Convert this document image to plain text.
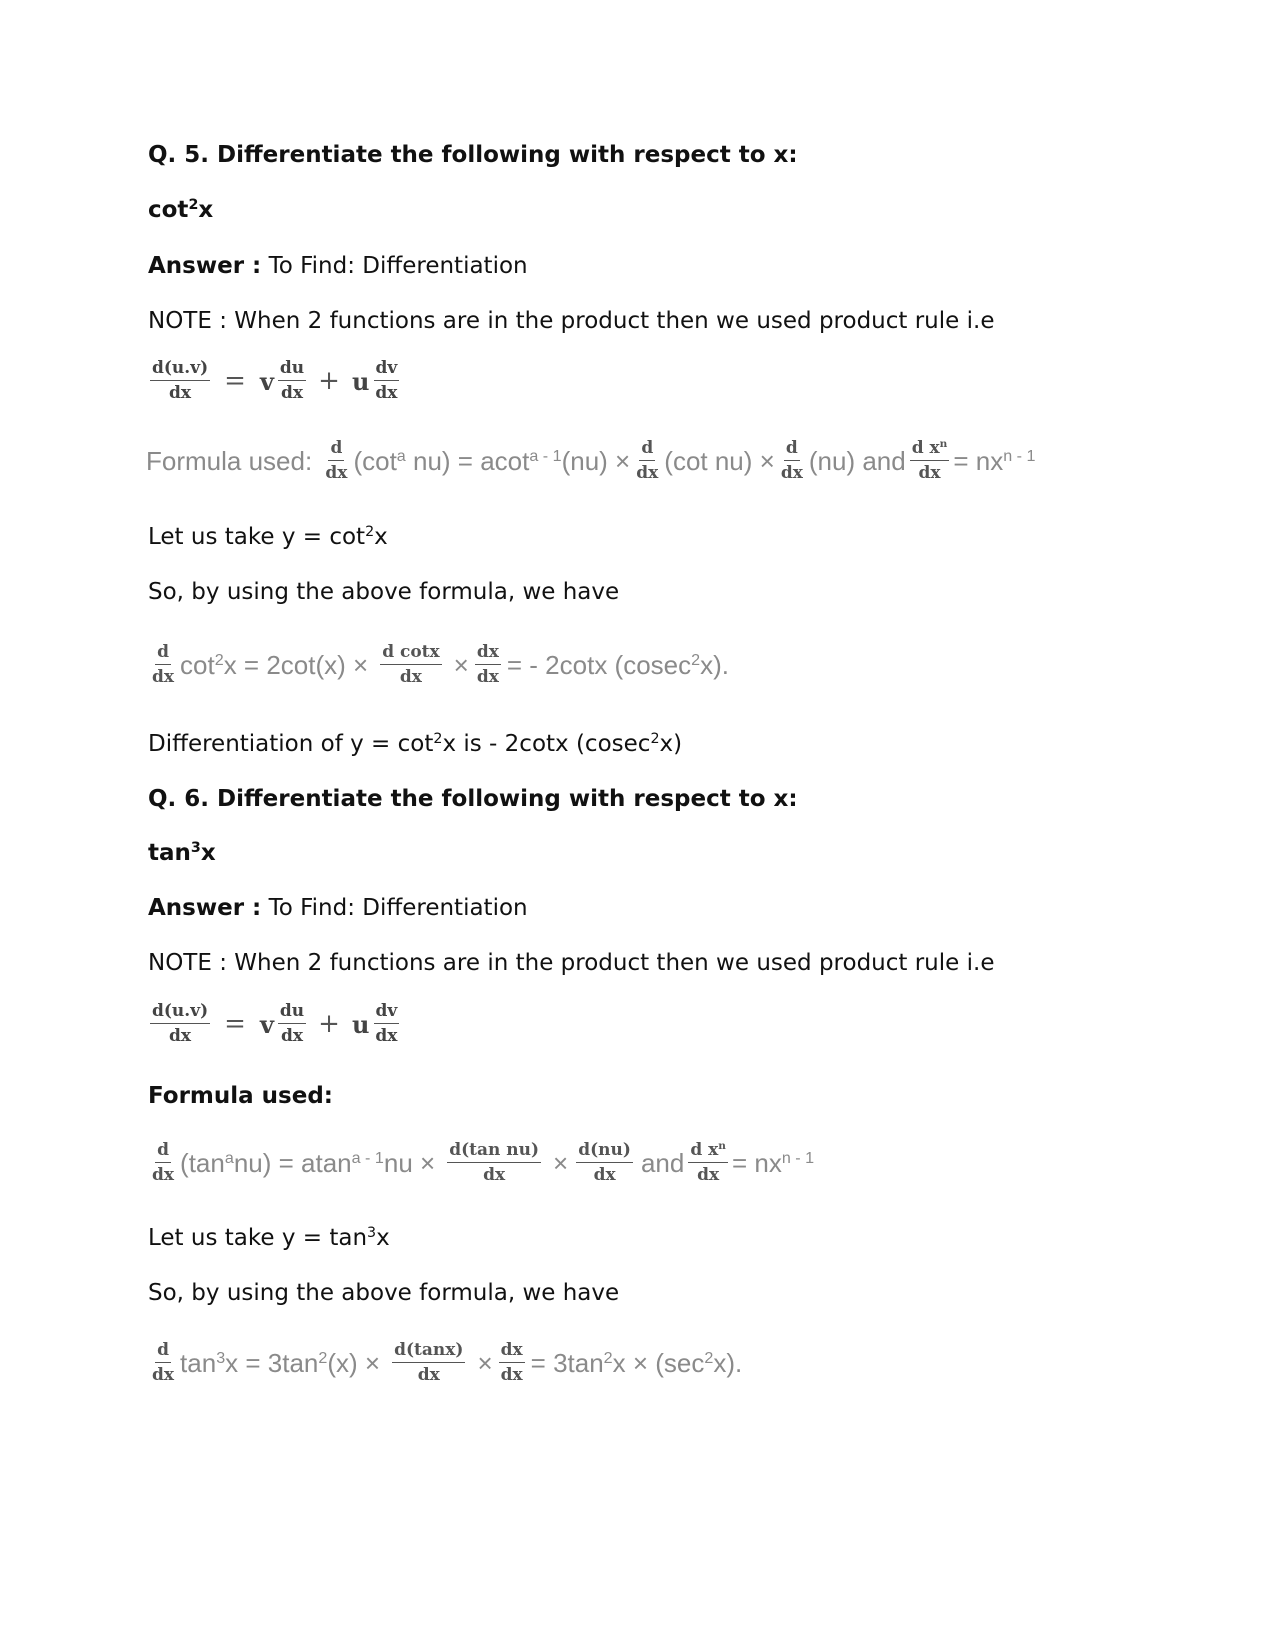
Q. 5. Differentiate the following with respect to x:
$\cot^2x$
Answer : To Find: Differentiation
NOTE : When 2 functions are in the product then we used product rule i.e
$\frac{d(u.v)}{dx} = v \frac{du}{dx} + u \frac{dv}{dx}$
Formula used:
$\frac{d}{dx} (\cot^a$ $nu) = acot^{a - 1}(nu) \times \frac{d}{dx} (\cot$ $nu) \times \frac{d}{dx} (nu)$ and $\frac{d x^n}{dx} = nx^{n - 1}$
Let us take $y = \cot^2x$
So, by using the above formula, we have
$\frac{d}{dx} \cot^2x = 2\cot(x) \times \frac{\text{d cotx}}{dx} \times \frac{dx}{dx}$ = - 2cotx (cosec$^2$x).
Differentiation of $y = \cot^2x$ is - 2cotx (cosec$^2$x)
Q. 6. Differentiate the following with respect to x:
$\tan^3x$
Answer : To Find: Differentiation
NOTE : When 2 functions are in the product then we used product rule i.e
$\frac{d(u.v)}{dx} = v \frac{du}{dx} + u \frac{dv}{dx}$
Formula used:
$\frac{d}{dx} (\tan^anu) = atan^{a - 1}nu \times \frac{\text{d(tan nu)}}{dx} \times \frac{d(nu)}{dx}$ and $\frac{d x^n}{dx} = nx^{n - 1}$
Let us take $y = \tan^3x$
So, by using the above formula, we have
$\frac{d}{dx} \tan^3x = 3\tan^2(x) \times \frac{d(\tan x)}{dx} \times \frac{dx}{dx} = 3\tan^2x \times (\sec^2x)$.
